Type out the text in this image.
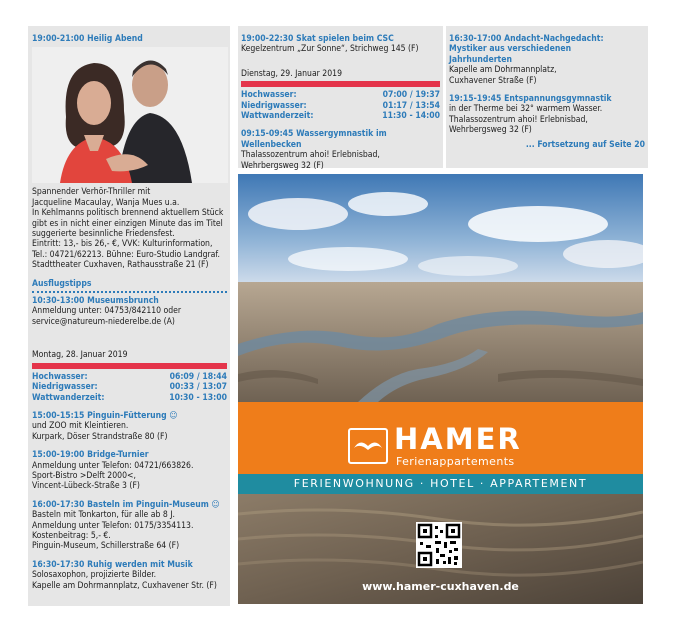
19:00-21:00 Heilig Abend

Spannender Verhör-Thriller mit

Jacqueline Macaulay, Wanja Mues u.a.

In Kehlmanns politisch brennend aktuellem Stück

gibt es in nicht einer einzigen Minute das im Titel

suggerierte besinnliche Friedensfest.

Eintritt: 13,- bis 26,- €, VVK: Kulturinformation,

Tel.: 04721/62213. Bühne: Euro-Studio Landgraf.

Stadttheater Cuxhaven, Rathausstraße 21 (F)

Ausflugstipps

10:30-13:00 Museumsbrunch

Anmeldung unter: 04753/842110 oder

service@natureum-niederelbe.de (A)

Montag, 28. Januar 2019

Hochwasser:	06:09 / 18:44
Niedrigwasser:	00:33 / 13:07
Wattwanderzeit:	10:30 - 13:00

15:00-15:15 Pinguin-Fütterung ☺

und ZOO mit Kleintieren.

Kurpark, Döser Strandstraße 80 (F)

15:00-19:00 Bridge-Turnier

Anmeldung unter Telefon: 04721/663826.

Sport-Bistro >Delft 2000<,

Vincent-Lübeck-Straße 3 (F)

16:00-17:30 Basteln im Pinguin-Museum ☺

Basteln mit Tonkarton, für alle ab 8 J.

Anmeldung unter Telefon: 0175/3354113.

Kostenbeitrag: 5,- €.

Pinguin-Museum, Schillerstraße 64 (F)

16:30-17:30 Ruhig werden mit Musik

Solosaxophon, projizierte Bilder.

Kapelle am Dohrmannplatz, Cuxhavener Str. (F)

19:00-22:30 Skat spielen beim CSC

Kegelzentrum „Zur Sonne“, Strichweg 145 (F)

Dienstag, 29. Januar 2019

Hochwasser:	07:00 / 19:37
Niedrigwasser:	01:17 / 13:54
Wattwanderzeit:	11:30 - 14:00

09:15-09:45 Wassergymnastik im Wellenbecken

Thalassozentrum ahoi! Erlebnisbad,

Wehrbergsweg 32 (F)

16:30-17:00 Andacht-Nachgedacht:

Mystiker aus verschiedenen

Jahrhunderten

Kapelle am Dohrmannplatz,

Cuxhavener Straße (F)

19:15-19:45 Entspannungsgymnastik

in der Therme bei 32° warmem Wasser.

Thalassozentrum ahoi! Erlebnisbad,

Wehrbergsweg 32 (F)

... Fortsetzung auf Seite 20

HAMER
Ferienappartements
FERIENWOHNUNG · HOTEL · APPARTEMENT
www.hamer-cuxhaven.de
